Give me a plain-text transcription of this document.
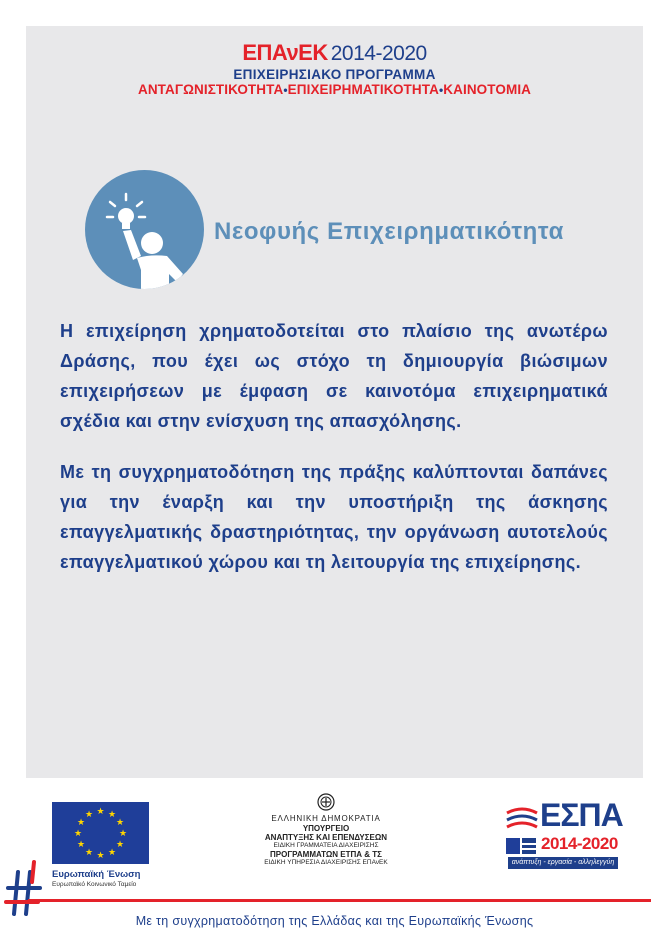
ΕΠΑνΕΚ 2014-2020
ΕΠΙΧΕΙΡΗΣΙΑΚΟ ΠΡΟΓΡΑΜΜΑ
ΑΝΤΑΓΩΝΙΣΤΙΚΟΤΗΤΑ•ΕΠΙΧΕΙΡΗΜΑΤΙΚΟΤΗΤΑ•ΚΑΙΝΟΤΟΜΙΑ
Νεοφυής Επιχειρηματικότητα
Η επιχείρηση χρηματοδοτείται στο πλαίσιο της ανωτέρω Δράσης, που έχει ως στόχο τη δημιουργία βιώσιμων επιχειρήσεων με έμφαση σε καινοτόμα επιχειρηματικά σχέδια και στην ενίσχυση της απασχόλησης.
Με τη συγχρηματοδότηση της πράξης καλύπτονται δαπάνες για την έναρξη και την υποστήριξη της άσκησης επαγγελματικής δραστηριότητας, την οργάνωση αυτοτελούς επαγγελματικού χώρου και τη λειτουργία της επιχείρησης.
★ ★
★
★
★
★
★
★
★
★
★
★
Ευρωπαϊκή Ένωση
Ευρωπαϊκό Κοινωνικό Ταμείο
ΕΛΛΗΝΙΚΗ ΔΗΜΟΚΡΑΤΙΑ
ΥΠΟΥΡΓΕΙΟ
ΑΝΑΠΤΥΞΗΣ ΚΑΙ ΕΠΕΝΔΥΣΕΩΝ
ΕΙΔΙΚΗ ΓΡΑΜΜΑΤΕΙΑ ΔΙΑΧΕΙΡΙΣΗΣ
ΠΡΟΓΡΑΜΜΑΤΩΝ ΕΤΠΑ & ΤΣ
ΕΙΔΙΚΗ ΥΠΗΡΕΣΙΑ ΔΙΑΧΕΙΡΙΣΗΣ ΕΠΑνΕΚ
ΕΣΠΑ
2014-2020
ανάπτυξη - εργασία - αλληλεγγύη
Με τη συγχρηματοδότηση της Ελλάδας και της Ευρωπαϊκής Ένωσης
